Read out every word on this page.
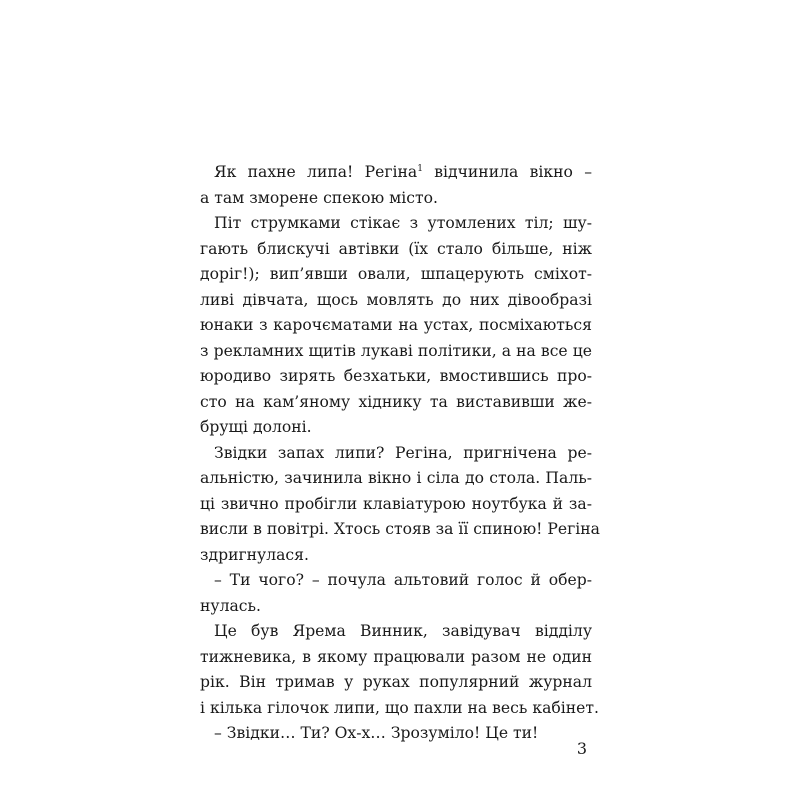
Як пахне липа! Регіна$^1$ відчинила вікно –
а там зморене спекою місто.
Піт струмками стікає з утомлених тіл; шу-
гають блискучі автівки (їх стало більше, ніж
доріг!); вип’явши овали, шпацерують сміхот-
ливі дівчата, щось мовлять до них дівообразі
юнаки з карочєматами на устах, посміхаються
з рекламних щитів лукаві політики, а на все це
юродиво зирять безхатьки, вмостившись про-
сто на кам’яному хіднику та виставивши же-
брущі долоні.
Звідки запах липи? Регіна, пригнічена ре-
альністю, зачинила вікно і сіла до стола. Паль-
ці звично пробігли клавіатурою ноутбука й за-
висли в повітрі. Хтось стояв за її спиною! Регіна
здригнулася.
– Ти чого? – почула альтовий голос й обер-
нулась.
Це був Ярема Винник, завідувач відділу
тижневика, в якому працювали разом не один
рік. Він тримав у руках популярний журнал
і кілька гілочок липи, що пахли на весь кабінет.
– Звідки… Ти? Ох-х… Зрозуміло! Це ти!
3
